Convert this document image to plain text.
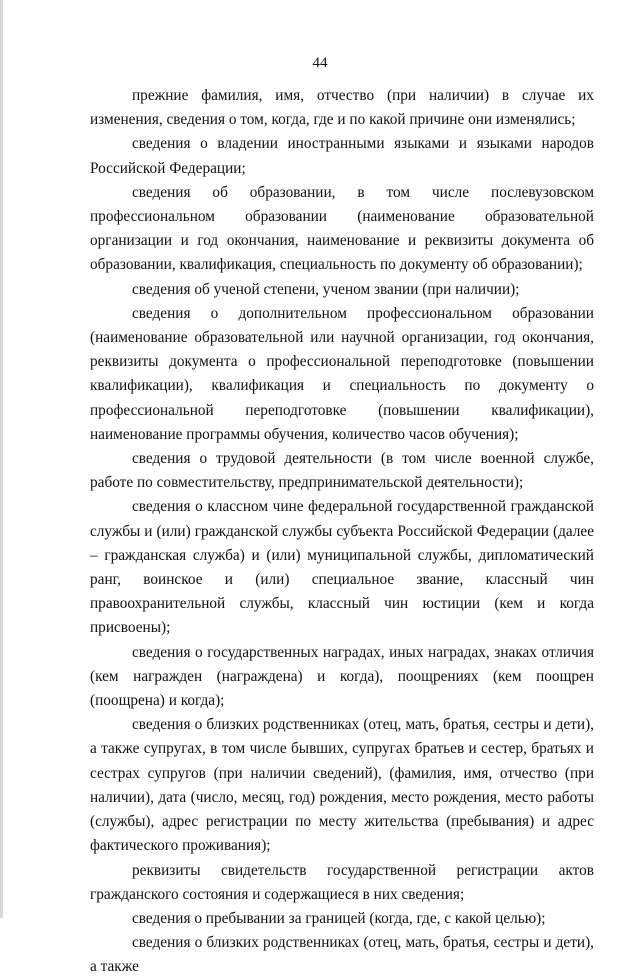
44

прежние фамилия, имя, отчество (при наличии) в случае их изменения, сведения о том, когда, где и по какой причине они изменялись;

сведения о владении иностранными языками и языками народов Российской Федерации;

сведения об образовании, в том числе послевузовском профессиональном образовании (наименование образовательной организации и год окончания, наименование и реквизиты документа об образовании, квалификация, специальность по документу об образовании);

сведения об ученой степени, ученом звании (при наличии);

сведения о дополнительном профессиональном образовании (наименование образовательной или научной организации, год окончания, реквизиты документа о профессиональной переподготовке (повышении квалификации), квалификация и специальность по документу о профессиональной переподготовке (повышении квалификации), наименование программы обучения, количество часов обучения);

сведения о трудовой деятельности (в том числе военной службе, работе по совместительству, предпринимательской деятельности);

сведения о классном чине федеральной государственной гражданской службы и (или) гражданской службы субъекта Российской Федерации (далее – гражданская служба) и (или) муниципальной службы, дипломатический ранг, воинское и (или) специальное звание, классный чин правоохранительной службы, классный чин юстиции (кем и когда присвоены);

сведения о государственных наградах, иных наградах, знаках отличия (кем награжден (награждена) и когда), поощрениях (кем поощрен (поощрена) и когда);

сведения о близких родственниках (отец, мать, братья, сестры и дети), а также супругах, в том числе бывших, супругах братьев и сестер, братьях и сестрах супругов (при наличии сведений), (фамилия, имя, отчество (при наличии), дата (число, месяц, год) рождения, место рождения, место работы (службы), адрес регистрации по месту жительства (пребывания) и адрес фактического проживания);

реквизиты свидетельств государственной регистрации актов гражданского состояния и содержащиеся в них сведения;

сведения о пребывании за границей (когда, где, с какой целью);

сведения о близких родственниках (отец, мать, братья, сестры и дети), а также
